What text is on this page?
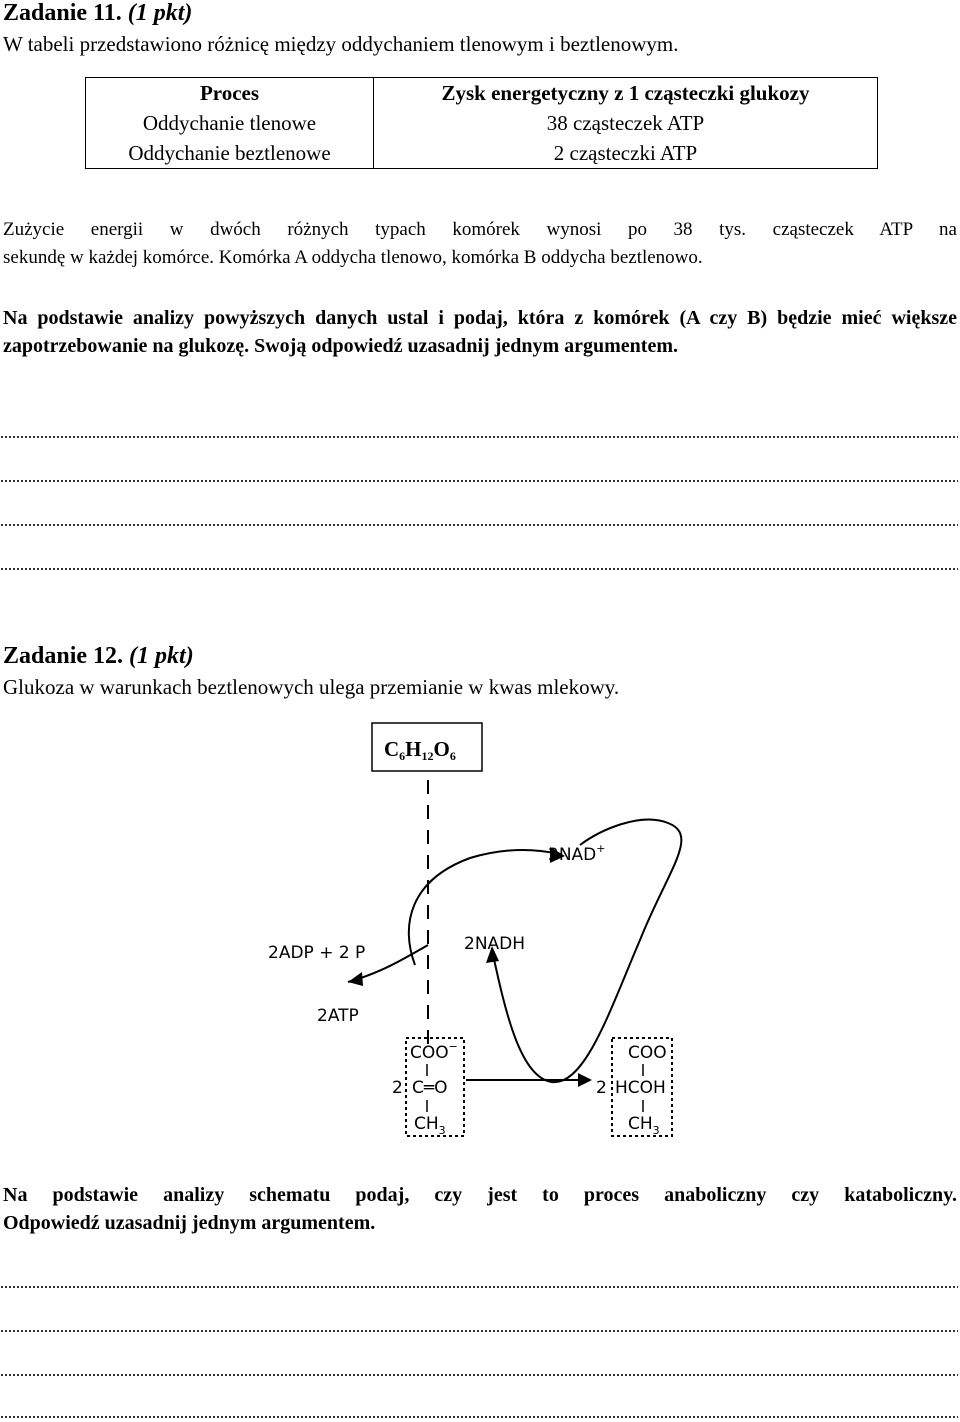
Zadanie 11. (1 pkt)
W tabeli przedstawiono różnicę między oddychaniem tlenowym i beztlenowym.
Proces	Zysk energetyczny z 1 cząsteczki glukozy
Oddychanie tlenowe	38 cząsteczek ATP
Oddychanie beztlenowe	2 cząsteczki ATP
Zużycie energii w dwóch różnych typach komórek wynosi po 38 tys. cząsteczek ATP na
sekundę w każdej komórce. Komórka A oddycha tlenowo, komórka B oddycha beztlenowo.
Na podstawie analizy powyższych danych ustal i podaj, która z komórek (A czy B) będzie mieć większe zapotrzebowanie na glukozę. Swoją odpowiedź uzasadnij jednym argumentem.
Zadanie 12. (1 pkt)
Glukoza w warunkach beztlenowych ulega przemianie w kwas mlekowy.
C6H12O6
2NAD+
2NADH
2ADP + 2 P
2ATP
COO−
2 C═O
$CH_3$
COO
2 HCOH
$CH_3$
Na podstawie analizy schematu podaj, czy jest to proces anaboliczny czy kataboliczny.
Odpowiedź uzasadnij jednym argumentem.
